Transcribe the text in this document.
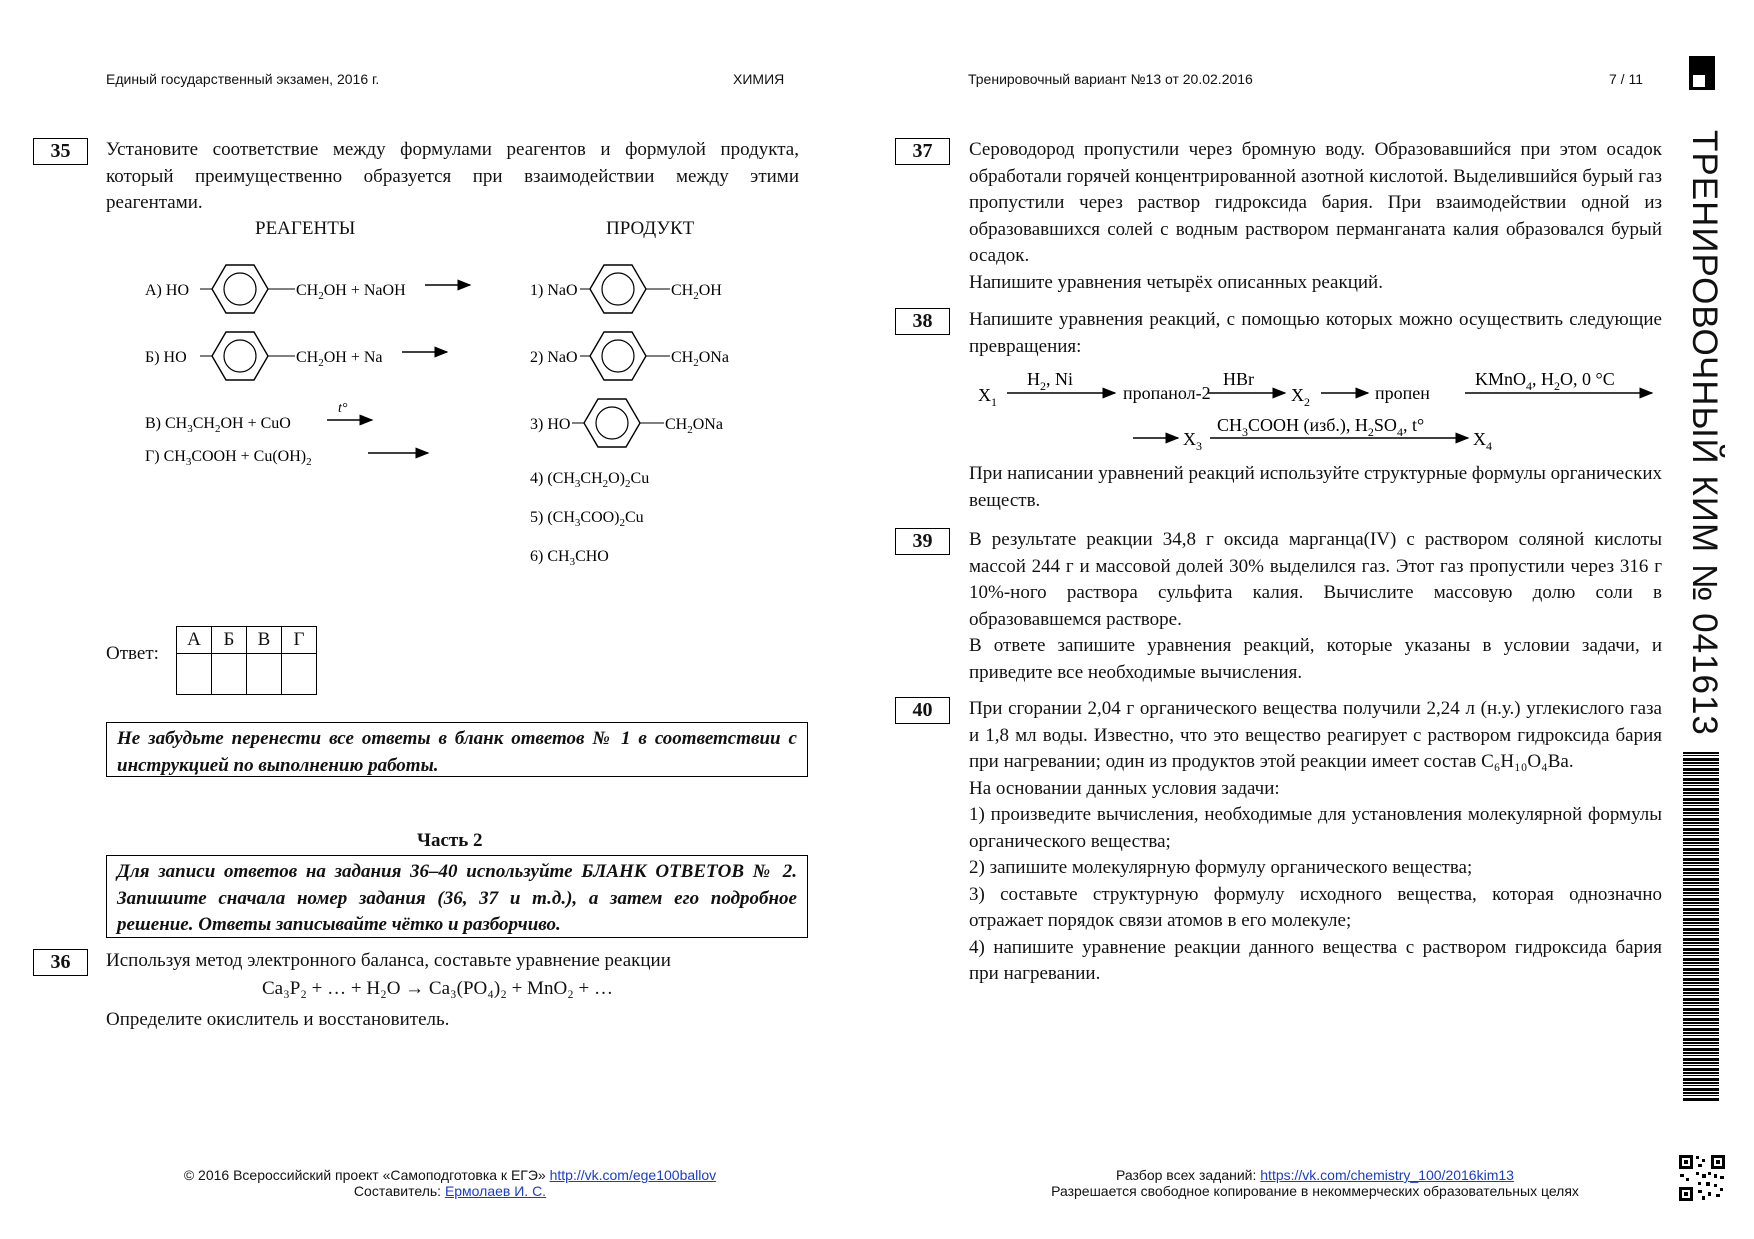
Единый государственный экзамен, 2016 г.	ХИМИЯ	Тренировочный вариант №13 от 20.02.2016	7 / 11
ТРЕНИРОВОЧНЫЙ КИМ № 041613
35	Установите соответствие между формулами реагентов и формулой продукта, который преимущественно образуется при взаимодействии между этими реагентами.
РЕАГЕНТЫ	ПРОДУКТ
А) HO	$CH_2OH$ + NaOH
Б) HO	$CH_2OH + Na$
В) $CH_3CH_2OH$ + CuO
t°
Г) $CH_3COOH + Cu(OH)_2$
1) NaO	$CH_2OH$
2) NaO	$CH_2ONa$
3) HO	$CH_2ONa$
4) $(CH_3CH_2O)_2Cu$
5) $(CH_3COO)_2Cu$
6) $CH_3CHO$
Ответ:
А	Б	В	Г

Не забудьте перенести все ответы в бланк ответов № 1 в соответствии с инструкцией по выполнению работы.
Часть 2
Для записи ответов на задания 36–40 используйте БЛАНК ОТВЕТОВ № 2. Запишите сначала номер задания (36, 37 и т.д.), а затем его подробное решение. Ответы записывайте чётко и разборчиво.
36	Используя метод электронного баланса, составьте уравнение реакции
Ca₃P₂ + … + H₂O → Ca₃(PO₄)₂ + MnO₂ + …
Определите окислитель и восстановитель.
37	Сероводород пропустили через бромную воду. Образовавшийся при этом осадок обработали горячей концентрированной азотной кислотой. Выделившийся бурый газ пропустили через раствор гидроксида бария. При взаимодействии одной из образовавшихся солей с водным раствором перманганата калия образовался бурый осадок.

Напишите уравнения четырёх описанных реакций.

38	Напишите уравнения реакций, с помощью которых можно осуществить следующие превращения:
$X_1$
$H_2$, Ni
пропанол-2
HBr
$X_2$	пропен
KMnO$_4$, $H_2O$, 0 °C
$X_3$
$CH_3COOH$ (изб.), $H_2SO_4$, t°
$X_4$
При написании уравнений реакций используйте структурные формулы органических веществ.
39	В результате реакции 34,8 г оксида марганца(IV) с раствором соляной кислоты массой 244 г и массовой долей 30% выделился газ. Этот газ пропустили через 316 г 10%-ного раствора сульфита калия. Вычислите массовую долю соли в образовавшемся растворе.

В ответе запишите уравнения реакций, которые указаны в условии задачи, и приведите все необходимые вычисления.

40	При сгорании 2,04 г органического вещества получили 2,24 л (н.у.) углекислого газа и 1,8 мл воды. Известно, что это вещество реагирует с раствором гидроксида бария при нагревании; один из продуктов этой реакции имеет состав C₆H₁₀O₄Ba.

На основании данных условия задачи:

1) произведите вычисления, необходимые для установления молекулярной формулы органического вещества;

2) запишите молекулярную формулу органического вещества;

3) составьте структурную формулу исходного вещества, которая однозначно отражает порядок связи атомов в его молекуле;

4) напишите уравнение реакции данного вещества с раствором гидроксида бария при нагревании.

© 2016 Всероссийский проект «Самоподготовка к ЕГЭ» http://vk.com/ege100ballov
Составитель: Ермолаев И. С.
Разбор всех заданий: https://vk.com/chemistry_100/2016kim13
Разрешается свободное копирование в некоммерческих образовательных целях
